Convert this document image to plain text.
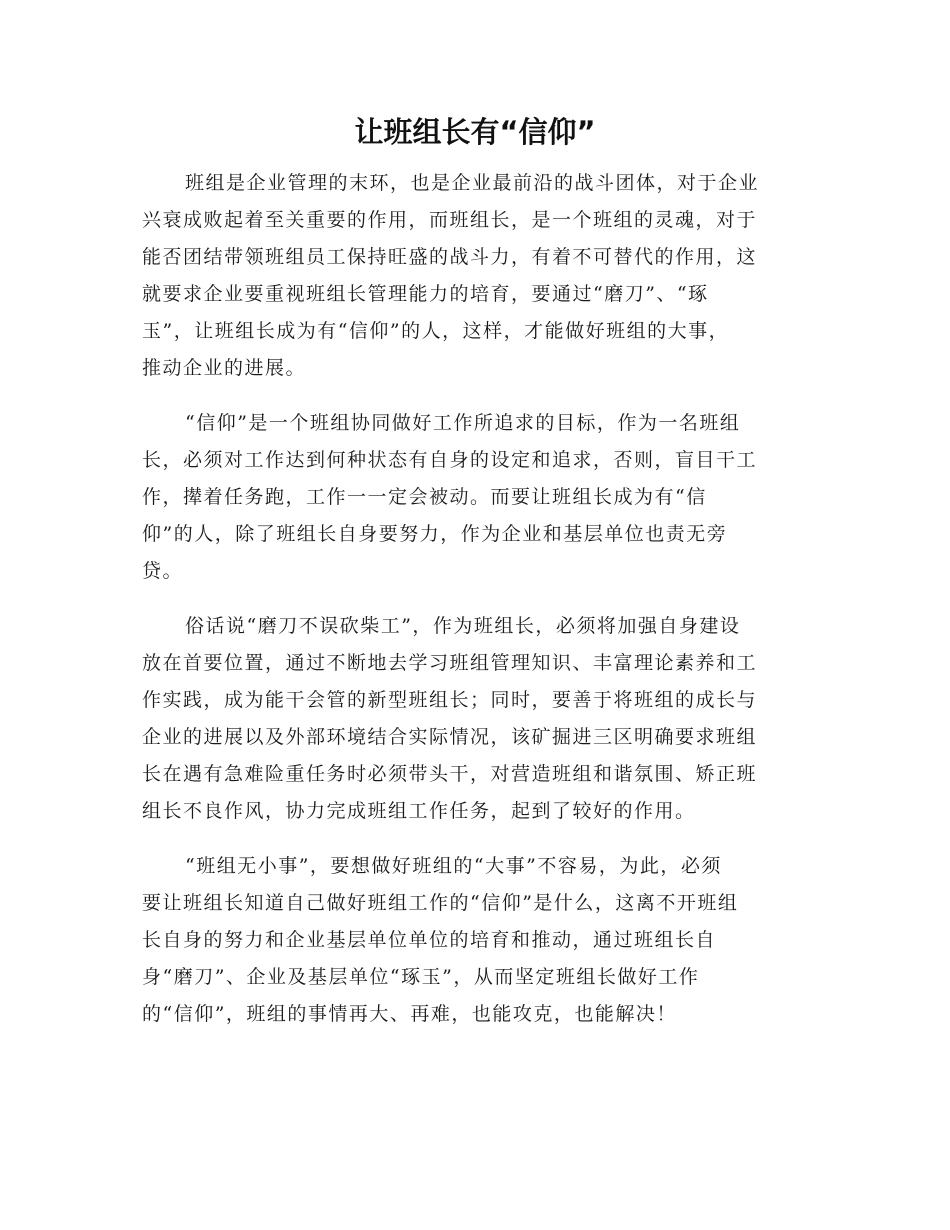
让班组长有“信仰”
班组是企业管理的末环，也是企业最前沿的战斗团体，对于企业
兴衰成败起着至关重要的作用，而班组长，是一个班组的灵魂，对于
能否团结带领班组员工保持旺盛的战斗力，有着不可替代的作用，这
就要求企业要重视班组长管理能力的培育，要通过“磨刀”、“琢
玉”，让班组长成为有“信仰”的人，这样，才能做好班组的大事，
推动企业的进展。
“信仰”是一个班组协同做好工作所追求的目标，作为一名班组
长，必须对工作达到何种状态有自身的设定和追求，否则，盲目干工
作，撵着任务跑，工作一一定会被动。而要让班组长成为有“信
仰”的人，除了班组长自身要努力，作为企业和基层单位也责无旁
贷。
俗话说“磨刀不误砍柴工”，作为班组长，必须将加强自身建设
放在首要位置，通过不断地去学习班组管理知识、丰富理论素养和工
作实践，成为能干会管的新型班组长；同时，要善于将班组的成长与
企业的进展以及外部环境结合实际情况，该矿掘进三区明确要求班组
长在遇有急难险重任务时必须带头干，对营造班组和谐氛围、矫正班
组长不良作风，协力完成班组工作任务，起到了较好的作用。
“班组无小事”，要想做好班组的“大事”不容易，为此，必须
要让班组长知道自己做好班组工作的“信仰”是什么，这离不开班组
长自身的努力和企业基层单位单位的培育和推动，通过班组长自
身“磨刀”、企业及基层单位“琢玉”，从而坚定班组长做好工作
的“信仰”，班组的事情再大、再难，也能攻克，也能解决！
